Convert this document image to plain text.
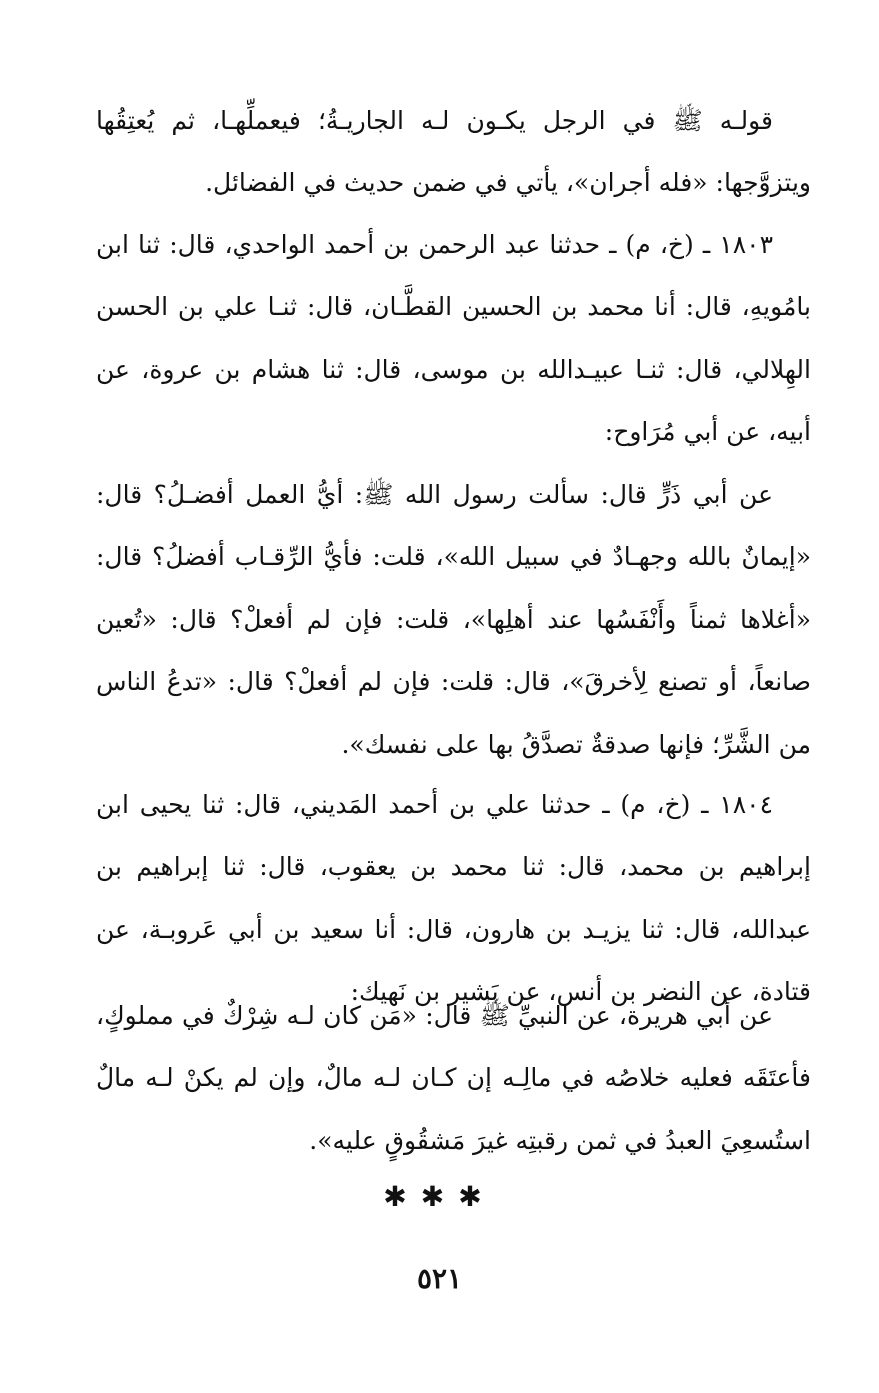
قولـه ﷺ في الرجل يكـون لـه الجاريـةُ؛ فيعملِّهـا، ثم يُعتِقُها ويتزوَّجها: «فله أجران»، يأتي في ضمن حديث في الفضائل.

١٨٠٣ ـ (خ، م) ـ حدثنا عبد الرحمن بن أحمد الواحدي، قال: ثنا ابن بامُويهِ، قال: أنا محمد بن الحسين القطَّـان، قال: ثنـا علي بن الحسن الهِلالي، قال: ثنـا عبيـدالله بن موسى، قال: ثنا هشام بن عروة، عن أبيه، عن أبي مُرَاوح:

عن أبي ذَرٍّ قال: سألت رسول الله ﷺ: أيُّ العمل أفضـلُ؟ قال: «إيمانٌ بالله وجهـادٌ في سبيل الله»، قلت: فأيُّ الرِّقـاب أفضلُ؟ قال: «أغلاها ثمناً وأَنْفَسُها عند أهلِها»، قلت: فإن لم أفعلْ؟ قال: «تُعين صانعاً، أو تصنع لِأخرقَ»، قال: قلت: فإن لم أفعلْ؟ قال: «تدعُ الناس من الشَّرِّ؛ فإنها صدقةٌ تصدَّقُ بها على نفسك».

١٨٠٤ ـ (خ، م) ـ حدثنا علي بن أحمد المَديني، قال: ثنا يحيى ابن إبراهيم بن محمد، قال: ثنا محمد بن يعقوب، قال: ثنا إبراهيم بن عبدالله، قال: ثنا يزيـد بن هارون، قال: أنا سعيد بن أبي عَروبـة، عن قتادة، عن النضر بن أنس، عن بَشير بن نَهيك:

عن أبي هريرة، عن النبيِّ ﷺ قال: «مَن كان لـه شِرْكٌ في مملوكٍ، فأعتَقَه فعليه خلاصُه في مالِـه إن كـان لـه مالٌ، وإن لم يكنْ لـه مالٌ استُسعِيَ العبدُ في ثمن رقبتِه غيرَ مَشقُوقٍ عليه».

✱✱✱
٥٢١
